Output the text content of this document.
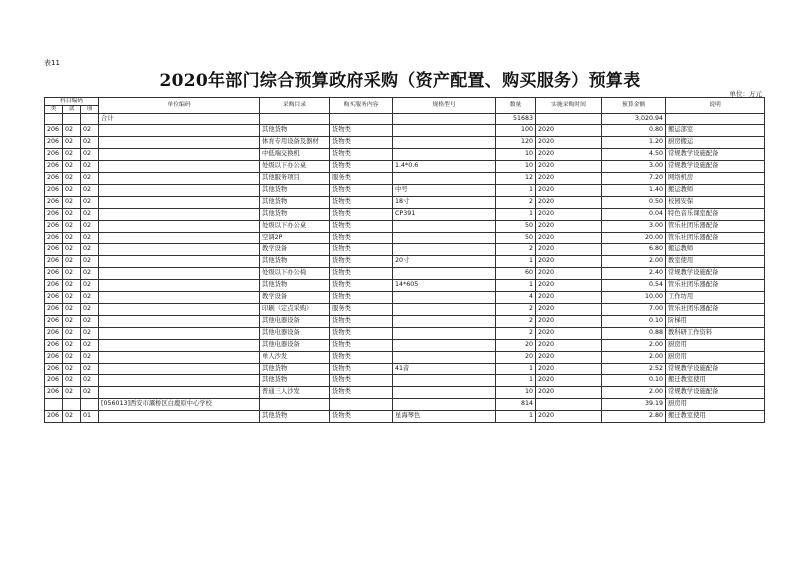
表11
2020年部门综合预算政府采购（资产配置、购买服务）预算表
单位：万元
科目编码			单位编码	采购目录	购买服务内容	规格型号	数量	实施采购时间	预算金额	说明
类	款	项								
			合计				51683		3,020.94	
206	02	02		其他货物	货物类		100	2020	0.80	搬运部室
206	02	02		体育专用设备及器材	货物类		120	2020	1.20	厨房搬运
206	02	02		中低端交换机	货物类		10	2020	4.50	常规教学设施配备
206	02	02		处级以下办公桌	货物类	1.4*0.6	10	2020	3.00	常规教学设施配备
206	02	02		其他服务项目	服务类		12	2020	7.20	网络机房
206	02	02		其他货物	货物类	中号	1	2020	1.40	搬运教师
206	02	02		其他货物	货物类	18寸	2	2020	0.50	校园安保
206	02	02		其他货物	货物类	CP391	1	2020	0.04	特色音乐课室配备
206	02	02		处级以下办公桌	货物类		50	2020	3.00	管乐社团乐器配备
206	02	02		空调2P	货物类		50	2020	20.00	管乐社团乐器配备
206	02	02		教学设备	货物类		2	2020	6.80	搬运教师
206	02	02		其他货物	货物类	20寸	1	2020	2.00	教室使用
206	02	02		处级以下办公椅	货物类		60	2020	2.40	常规教学设施配备
206	02	02		其他货物	货物类	14*605	1	2020	0.54	管乐社团乐器配备
206	02	02		教学设备	货物类		4	2020	10.00	工作坊用
206	02	02		印刷（定点采购）	服务类		2	2020	7.00	管乐社团乐器配备
206	02	02		其他电器设备	货物类		2	2020	0.10	阶梯用
206	02	02		其他电器设备	货物类		2	2020	0.88	教科研工作资料
206	02	02		其他电器设备	货物类		20	2020	2.00	厨房用
206	02	02		单人沙发	货物类		20	2020	2.00	厨房用
206	02	02		其他货物	货物类	41音	1	2020	2.52	常规教学设施配备
206	02	02		其他货物	货物类		1	2020	0.10	搬迁教室使用
206	02	02		普通三人沙发	货物类		10	2020	2.00	常规教学设施配备
			[056013]西安市灞桥区白鹿原中心学校				814		39.19	厨房用
206	02	01		其他货物	货物类	星海琴色	1	2020	2.80	搬迁教室使用
